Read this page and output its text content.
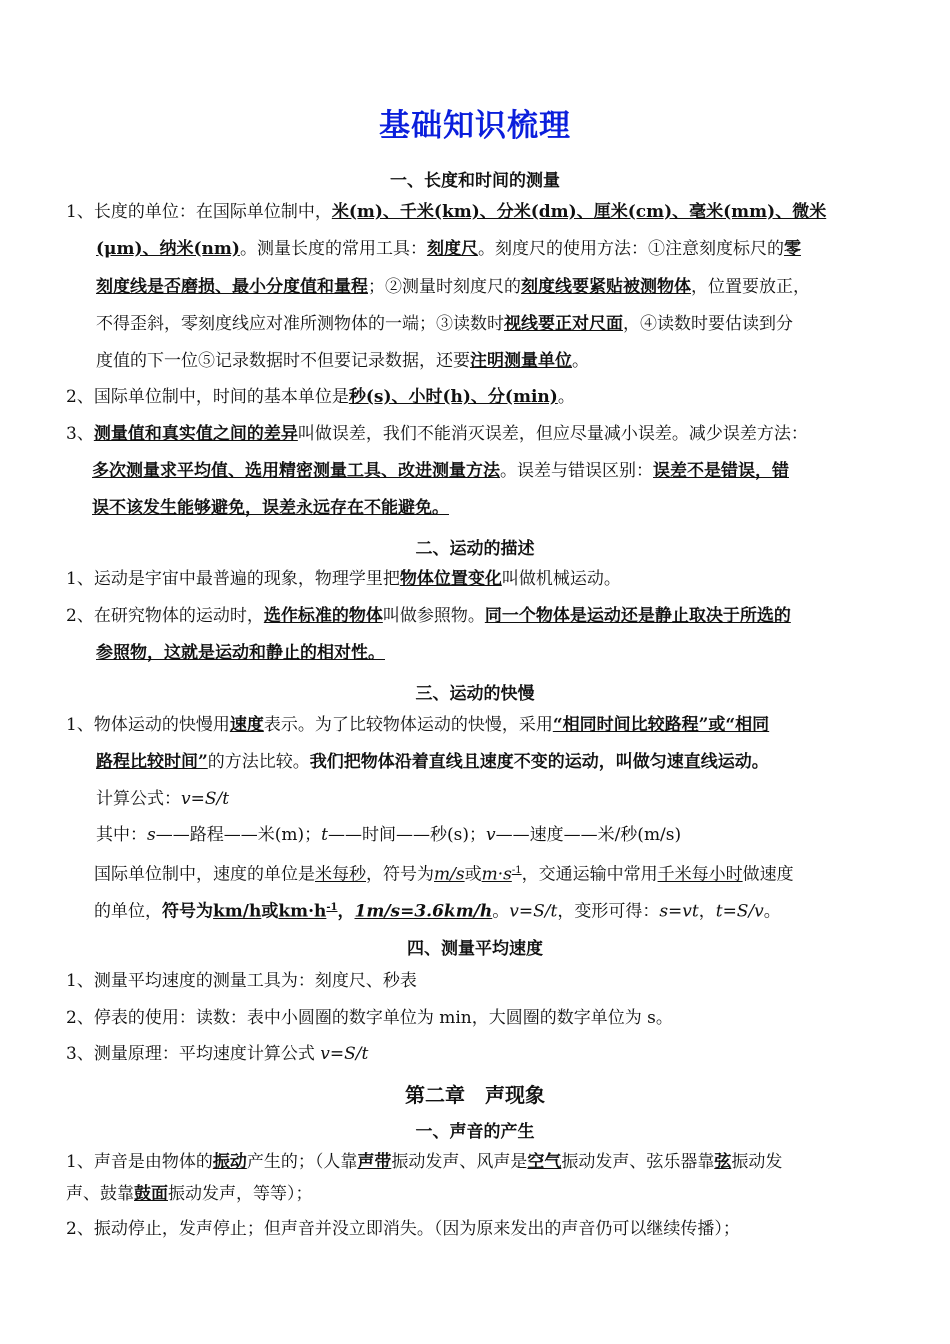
基础知识梳理
一、长度和时间的测量
1、长度的单位：在国际单位制中，米(m)、千米(km)、分米(dm)、厘米(cm)、毫米(mm)、微米
(μm)、纳米(nm)。测量长度的常用工具：刻度尺。刻度尺的使用方法：①注意刻度标尺的零
刻度线是否磨损、最小分度值和量程；②测量时刻度尺的刻度线要紧贴被测物体，位置要放正，
不得歪斜，零刻度线应对准所测物体的一端；③读数时视线要正对尺面，④读数时要估读到分
度值的下一位⑤记录数据时不但要记录数据，还要注明测量单位。
2、国际单位制中，时间的基本单位是秒(s)、小时(h)、分(min)。
3、测量值和真实值之间的差异叫做误差，我们不能消灭误差，但应尽量减小误差。减少误差方法：
多次测量求平均值、选用精密测量工具、改进测量方法。误差与错误区别：误差不是错误，错
误不该发生能够避免，误差永远存在不能避免。
二、运动的描述
1、运动是宇宙中最普遍的现象，物理学里把物体位置变化叫做机械运动。
2、在研究物体的运动时，选作标准的物体叫做参照物。同一个物体是运动还是静止取决于所选的
参照物，这就是运动和静止的相对性。
三、运动的快慢
1、物体运动的快慢用速度表示。为了比较物体运动的快慢，采用“相同时间比较路程”或“相同
路程比较时间”的方法比较。我们把物体沿着直线且速度不变的运动，叫做匀速直线运动。
计算公式：v=S/t
其中：s——路程——米(m)；t——时间——秒(s)；v——速度——米/秒(m/s)
国际单位制中，速度的单位是米每秒，符号为m/s或$m\cdot s^{-1}$，交通运输中常用千米每小时做速度
的单位，符号为km/h或$km\cdot h^{-1}$，1m/s=3.6km/h。v=S/t，变形可得：s=vt，t=S/v。
四、测量平均速度
1、测量平均速度的测量工具为：刻度尺、秒表
2、停表的使用：读数：表中小圆圈的数字单位为 min，大圆圈的数字单位为 s。
3、测量原理：平均速度计算公式 v=S/t
第二章　声现象
一、声音的产生
1、声音是由物体的振动产生的；（人靠声带振动发声、风声是空气振动发声、弦乐器靠弦振动发
声、鼓靠鼓面振动发声，等等）；
2、振动停止，发声停止；但声音并没立即消失。（因为原来发出的声音仍可以继续传播）；
